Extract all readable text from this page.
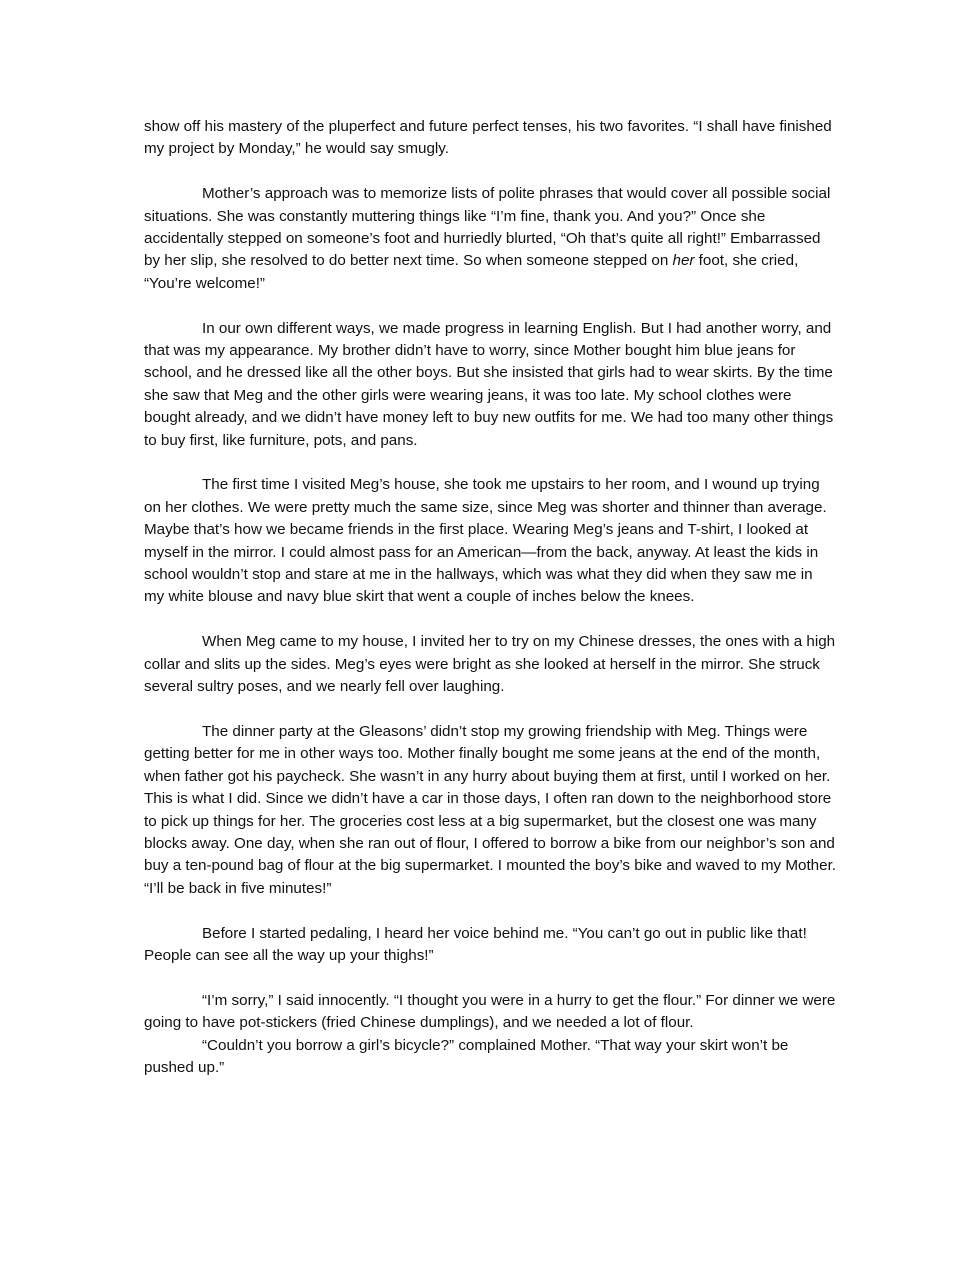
show off his mastery of the pluperfect and future perfect tenses, his two favorites. “I shall have finished my project by Monday,” he would say smugly.

Mother’s approach was to memorize lists of polite phrases that would cover all possible social situations. She was constantly muttering things like “I’m fine, thank you. And you?” Once she accidentally stepped on someone’s foot and hurriedly blurted, “Oh that’s quite all right!” Embarrassed by her slip, she resolved to do better next time. So when someone stepped on her foot, she cried, “You’re welcome!”

In our own different ways, we made progress in learning English. But I had another worry, and that was my appearance. My brother didn’t have to worry, since Mother bought him blue jeans for school, and he dressed like all the other boys. But she insisted that girls had to wear skirts. By the time she saw that Meg and the other girls were wearing jeans, it was too late. My school clothes were bought already, and we didn’t have money left to buy new outfits for me. We had too many other things to buy first, like furniture, pots, and pans.

The first time I visited Meg’s house, she took me upstairs to her room, and I wound up trying on her clothes. We were pretty much the same size, since Meg was shorter and thinner than average. Maybe that’s how we became friends in the first place. Wearing Meg’s jeans and T-shirt, I looked at myself in the mirror. I could almost pass for an American—from the back, anyway. At least the kids in school wouldn’t stop and stare at me in the hallways, which was what they did when they saw me in my white blouse and navy blue skirt that went a couple of inches below the knees.

When Meg came to my house, I invited her to try on my Chinese dresses, the ones with a high collar and slits up the sides. Meg’s eyes were bright as she looked at herself in the mirror. She struck several sultry poses, and we nearly fell over laughing.

The dinner party at the Gleasons’ didn’t stop my growing friendship with Meg. Things were getting better for me in other ways too. Mother finally bought me some jeans at the end of the month, when father got his paycheck. She wasn’t in any hurry about buying them at first, until I worked on her. This is what I did. Since we didn’t have a car in those days, I often ran down to the neighborhood store to pick up things for her. The groceries cost less at a big supermarket, but the closest one was many blocks away. One day, when she ran out of flour, I offered to borrow a bike from our neighbor’s son and buy a ten-pound bag of flour at the big supermarket. I mounted the boy’s bike and waved to my Mother. “I’ll be back in five minutes!”

Before I started pedaling, I heard her voice behind me. “You can’t go out in public like that! People can see all the way up your thighs!”

“I’m sorry,” I said innocently. “I thought you were in a hurry to get the flour.” For dinner we were going to have pot-stickers (fried Chinese dumplings), and we needed a lot of flour.

“Couldn’t you borrow a girl’s bicycle?” complained Mother. “That way your skirt won’t be pushed up.”
